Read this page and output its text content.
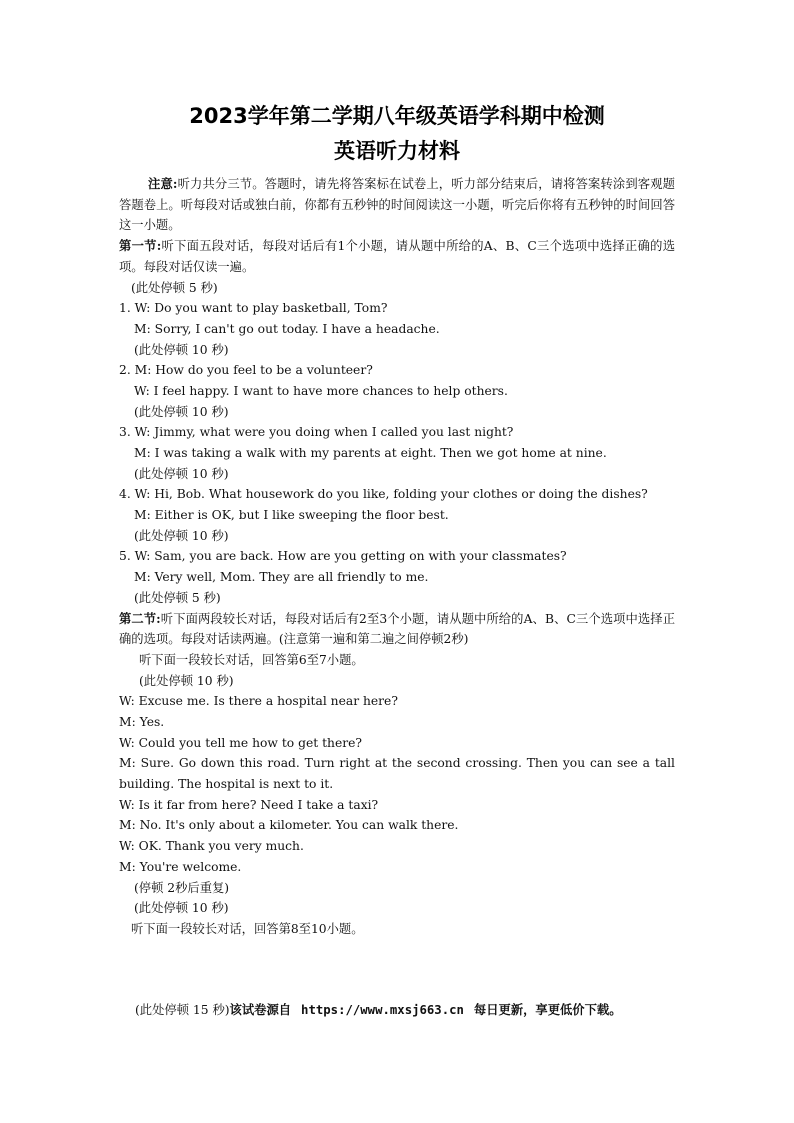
2023学年第二学期八年级英语学科期中检测
英语听力材料
注意:听力共分三节。答题时，请先将答案标在试卷上，听力部分结束后，请将答案转涂到客观题答题卷上。听每段对话或独白前，你都有五秒钟的时间阅读这一小题，听完后你将有五秒钟的时间回答这一小题。
第一节:听下面五段对话，每段对话后有1个小题，请从题中所给的A、B、C三个选项中选择正确的选项。每段对话仅读一遍。
(此处停顿 5 秒)
1. W: Do you want to play basketball, Tom?
M: Sorry, I can't go out today. I have a headache.
(此处停顿 10 秒)
2. M: How do you feel to be a volunteer?
W: I feel happy. I want to have more chances to help others.
(此处停顿 10 秒)
3. W: Jimmy, what were you doing when I called you last night?
M: I was taking a walk with my parents at eight. Then we got home at nine.
(此处停顿 10 秒)
4. W: Hi, Bob. What housework do you like, folding your clothes or doing the dishes?
M: Either is OK, but I like sweeping the floor best.
(此处停顿 10 秒)
5. W: Sam, you are back. How are you getting on with your classmates?
M: Very well, Mom. They are all friendly to me.
(此处停顿 5 秒)
第二节:听下面两段较长对话，每段对话后有2至3个小题，请从题中所给的A、B、C三个选项中选择正确的选项。每段对话读两遍。(注意第一遍和第二遍之间停顿2秒)
听下面一段较长对话，回答第6至7小题。
(此处停顿 10 秒)
W: Excuse me. Is there a hospital near here?
M: Yes.
W: Could you tell me how to get there?
M: Sure. Go down this road. Turn right at the second crossing. Then you can see a tall building. The hospital is next to it.
W: Is it far from here? Need I take a taxi?
M: No. It's only about a kilometer. You can walk there.
W: OK. Thank you very much.
M: You're welcome.
(停顿 2秒后重复)
(此处停顿 10 秒)
听下面一段较长对话，回答第8至10小题。
(此处停顿 15 秒)该试卷源自 https://www.mxsj663.cn 每日更新，享更低价下载。
